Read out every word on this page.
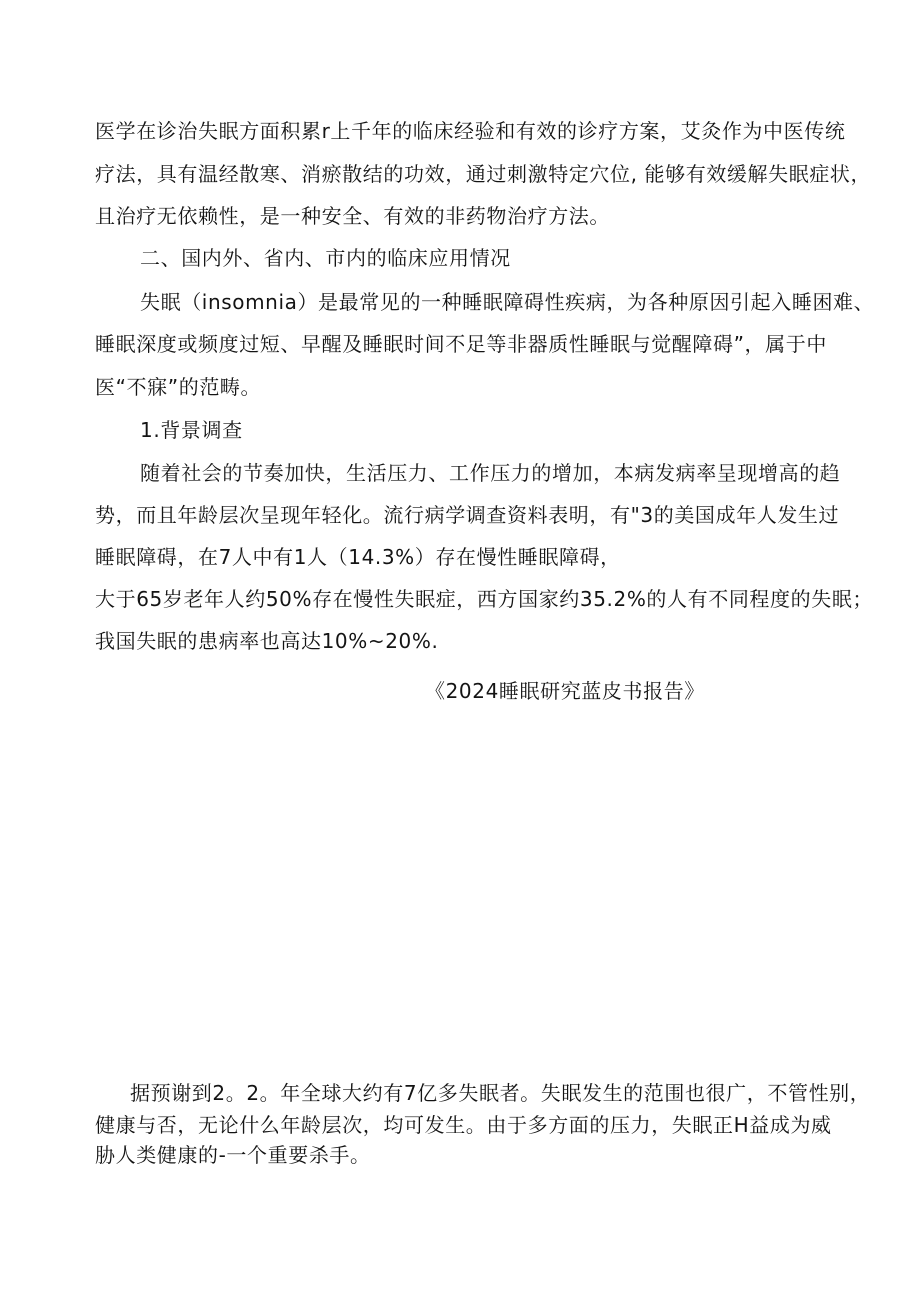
医学在诊治失眠方面积累r上千年的临床经验和有效的诊疗方案，艾灸作为中医传统
疗法，具有温经散寒、消瘀散结的功效，通过刺激特定穴位, 能够有效缓解失眠症状，
且治疗无依赖性，是一种安全、有效的非药物治疗方法。
二、国内外、省内、市内的临床应用情况
失眠（insomnia）是最常见的一种睡眠障碍性疾病，为各种原因引起入睡困难、
睡眠深度或频度过短、早醒及睡眠时间不足等非器质性睡眠与觉醒障碍”，属于中
医“不寐”的范畴。
1.背景调查
随着社会的节奏加快，生活压力、工作压力的增加，本病发病率呈现增高的趋
势，而且年龄层次呈现年轻化。流行病学调查资料表明，有"3的美国成年人发生过
睡眠障碍，在7人中有1人（14.3%）存在慢性睡眠障碍，
大于65岁老年人约50%存在慢性失眠症，西方国家约35.2%的人有不同程度的失眠；
我国失眠的患病率也高达10%~20%.
《2024睡眠研究蓝皮书报告》
据预谢到2。2。年全球大约有7亿多失眠者。失眠发生的范围也很广，不管性别，
健康与否，无论什么年龄层次，均可发生。由于多方面的压力，失眠正H益成为威
胁人类健康的-一个重要杀手。
